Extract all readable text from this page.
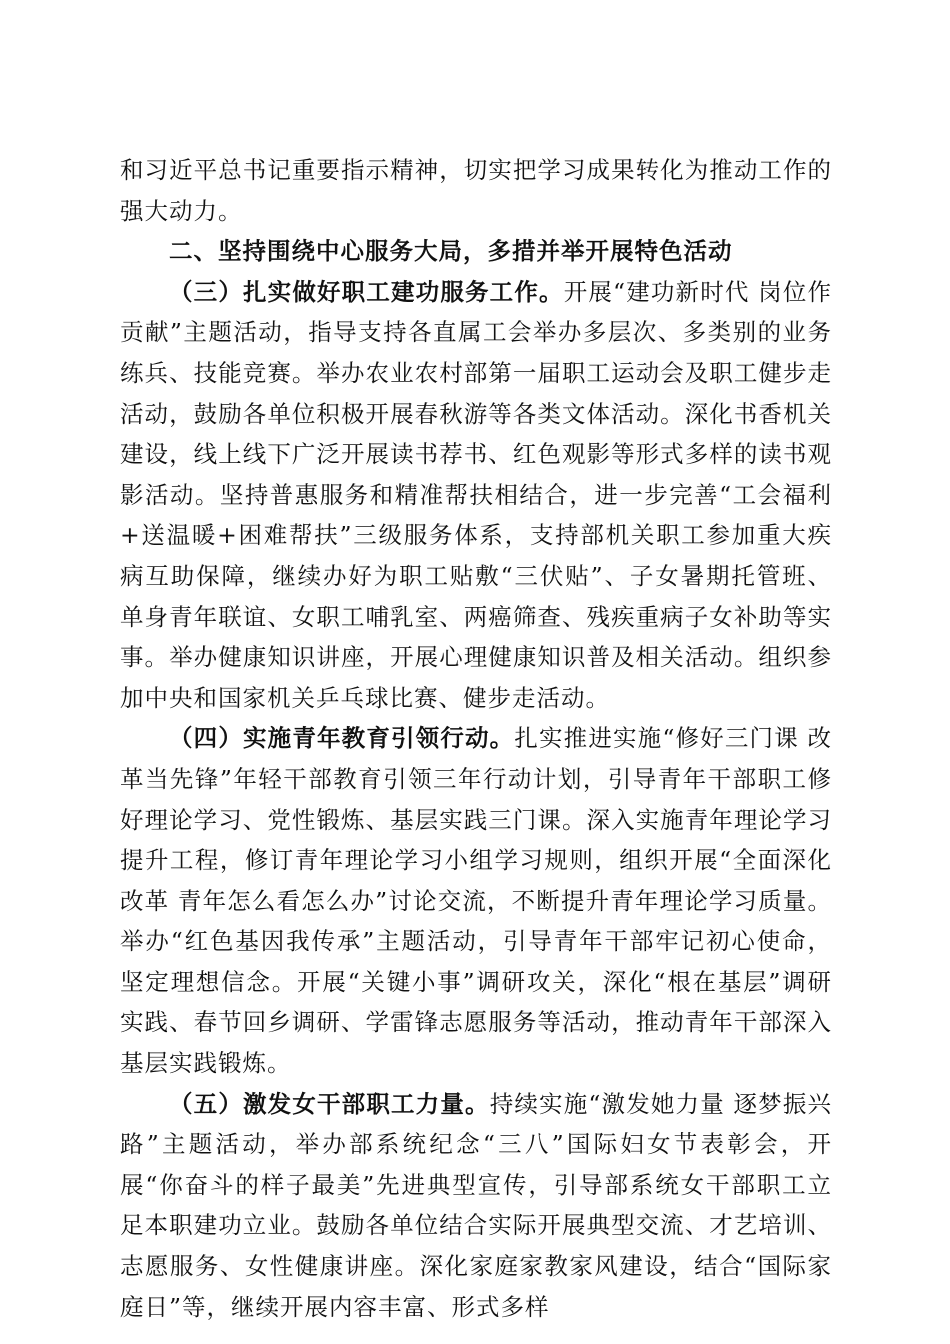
和习近平总书记重要指示精神，切实把学习成果转化为推动工作的强大动力。

二、坚持围绕中心服务大局，多措并举开展特色活动

（三）扎实做好职工建功服务工作。开展“建功新时代 岗位作贡献”主题活动，指导支持各直属工会举办多层次、多类别的业务练兵、技能竞赛。举办农业农村部第一届职工运动会及职工健步走活动，鼓励各单位积极开展春秋游等各类文体活动。深化书香机关建设，线上线下广泛开展读书荐书、红色观影等形式多样的读书观影活动。坚持普惠服务和精准帮扶相结合，进一步完善“工会福利+送温暖+困难帮扶”三级服务体系，支持部机关职工参加重大疾病互助保障，继续办好为职工贴敷“三伏贴”、子女暑期托管班、单身青年联谊、女职工哺乳室、两癌筛查、残疾重病子女补助等实事。举办健康知识讲座，开展心理健康知识普及相关活动。组织参加中央和国家机关乒乓球比赛、健步走活动。

（四）实施青年教育引领行动。扎实推进实施“修好三门课 改革当先锋”年轻干部教育引领三年行动计划，引导青年干部职工修好理论学习、党性锻炼、基层实践三门课。深入实施青年理论学习提升工程，修订青年理论学习小组学习规则，组织开展“全面深化改革 青年怎么看怎么办”讨论交流，不断提升青年理论学习质量。举办“红色基因我传承”主题活动，引导青年干部牢记初心使命，坚定理想信念。开展“关键小事”调研攻关，深化“根在基层”调研实践、春节回乡调研、学雷锋志愿服务等活动，推动青年干部深入基层实践锻炼。

（五）激发女干部职工力量。持续实施“激发她力量 逐梦振兴路”主题活动，举办部系统纪念“三八”国际妇女节表彰会，开展“你奋斗的样子最美”先进典型宣传，引导部系统女干部职工立足本职建功立业。鼓励各单位结合实际开展典型交流、才艺培训、志愿服务、女性健康讲座。深化家庭家教家风建设，结合“国际家庭日”等，继续开展内容丰富、形式多样
